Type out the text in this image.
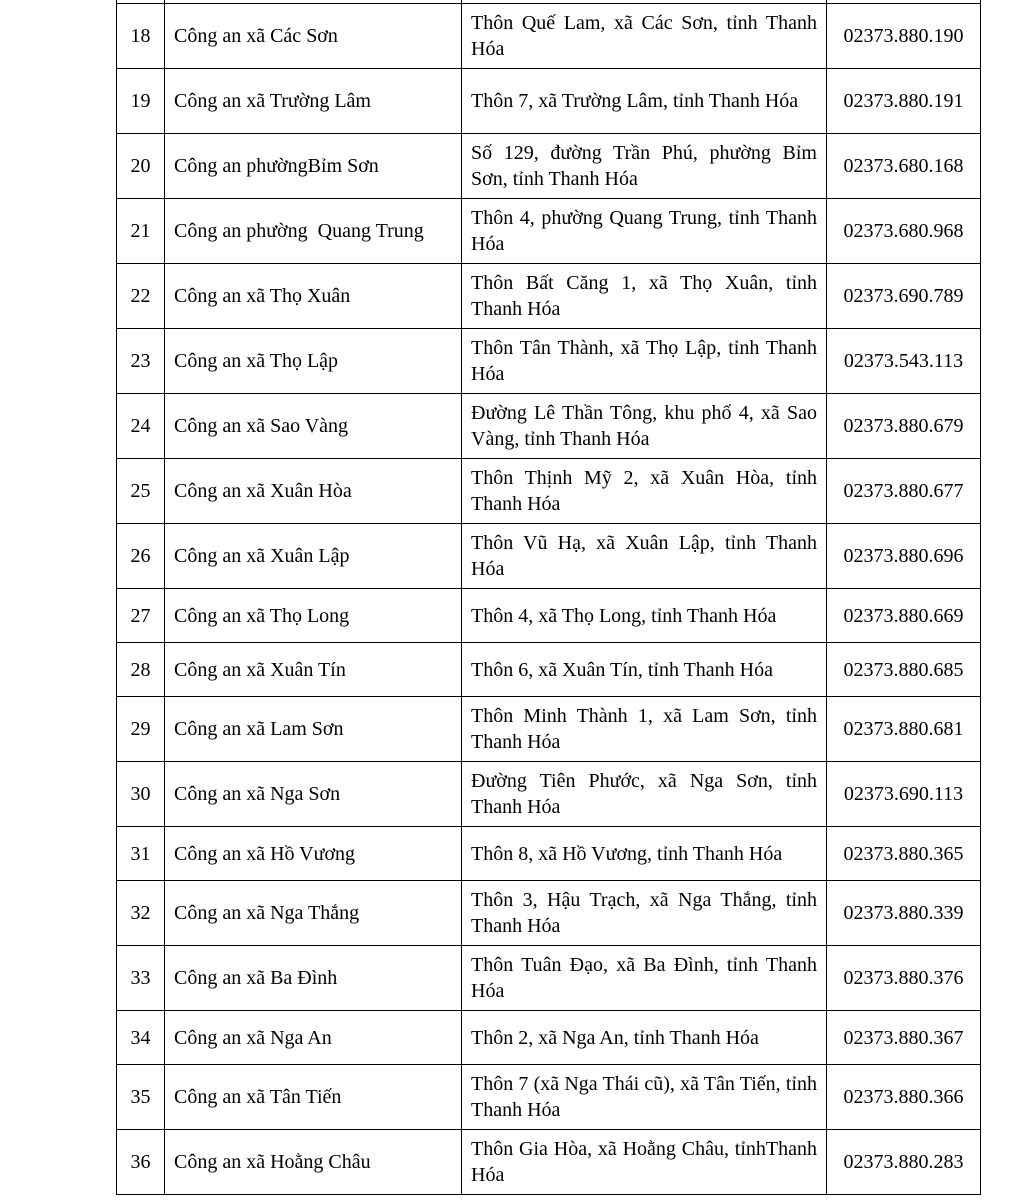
18	Công an xã Các Sơn	Thôn Quế Lam, xã Các Sơn, tỉnh Thanh Hóa	02373.880.190
19	Công an xã Trường Lâm	Thôn 7, xã Trường Lâm, tỉnh Thanh Hóa	02373.880.191
20	Công an phườngBỉm Sơn	Số 129, đường Trần Phú, phường Bỉm Sơn, tỉnh Thanh Hóa	02373.680.168
21	Công an phường  Quang Trung	Thôn 4, phường Quang Trung, tỉnh Thanh Hóa	02373.680.968
22	Công an xã Thọ Xuân	Thôn Bất Căng 1, xã Thọ Xuân, tỉnh Thanh Hóa	02373.690.789
23	Công an xã Thọ Lập	Thôn Tân Thành, xã Thọ Lập, tỉnh Thanh Hóa	02373.543.113
24	Công an xã Sao Vàng	Đường Lê Thần Tông, khu phố 4, xã Sao Vàng, tỉnh Thanh Hóa	02373.880.679
25	Công an xã Xuân Hòa	Thôn Thịnh Mỹ 2, xã Xuân Hòa, tỉnh Thanh Hóa	02373.880.677
26	Công an xã Xuân Lập	Thôn Vũ Hạ, xã Xuân Lập, tỉnh Thanh Hóa	02373.880.696
27	Công an xã Thọ Long	Thôn 4, xã Thọ Long, tỉnh Thanh Hóa	02373.880.669
28	Công an xã Xuân Tín	Thôn 6, xã Xuân Tín, tỉnh Thanh Hóa	02373.880.685
29	Công an xã Lam Sơn	Thôn Minh Thành 1, xã Lam Sơn, tỉnh Thanh Hóa	02373.880.681
30	Công an xã Nga Sơn	Đường Tiên Phước, xã Nga Sơn, tỉnh Thanh Hóa	02373.690.113
31	Công an xã Hồ Vương	Thôn 8, xã Hồ Vương, tỉnh Thanh Hóa	02373.880.365
32	Công an xã Nga Thắng	Thôn 3, Hậu Trạch, xã Nga Thắng, tỉnh Thanh Hóa	02373.880.339
33	Công an xã Ba Đình	Thôn Tuân Đạo, xã Ba Đình, tỉnh Thanh Hóa	02373.880.376
34	Công an xã Nga An	Thôn 2, xã Nga An, tỉnh Thanh Hóa	02373.880.367
35	Công an xã Tân Tiến	Thôn 7 (xã Nga Thái cũ), xã Tân Tiến, tỉnh Thanh Hóa	02373.880.366
36	Công an xã Hoằng Châu	Thôn Gia Hòa, xã Hoằng Châu, tỉnhThanh Hóa	02373.880.283
